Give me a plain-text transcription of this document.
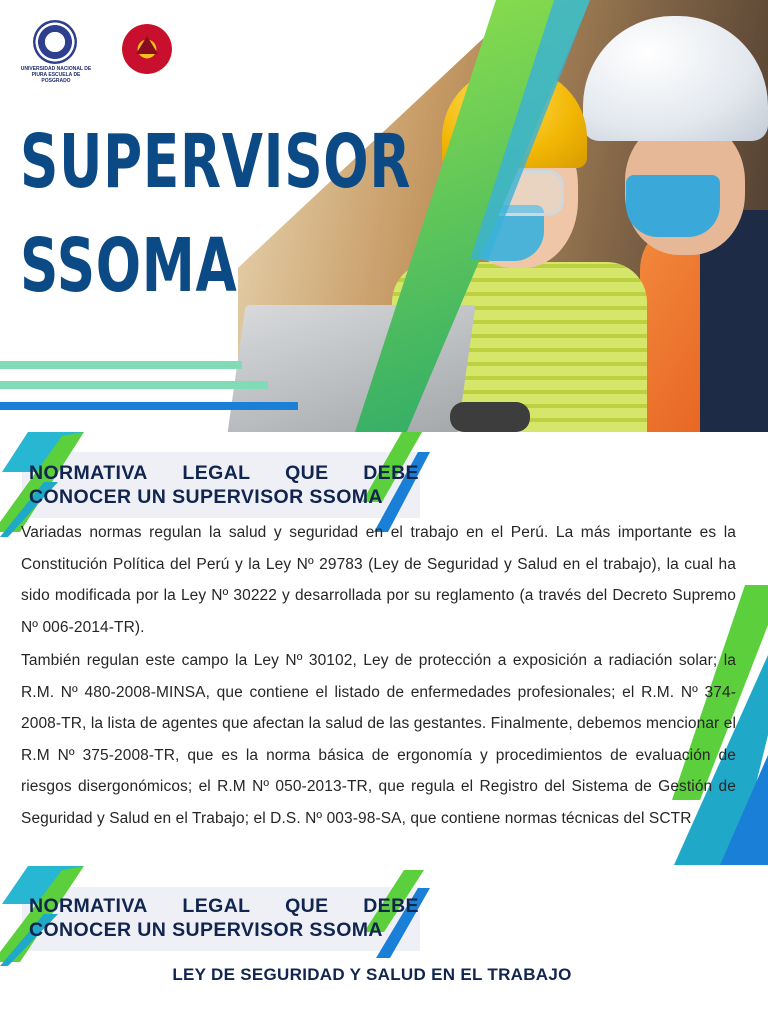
UNIVERSIDAD NACIONAL DE PIURA ESCUELA DE POSGRADO
SUPERVISOR
SSOMA
NORMATIVA LEGAL QUE DEBE
CONOCER UN SUPERVISOR SSOMA

Variadas normas regulan la salud y seguridad en el trabajo en el Perú. La más importante es la Constitución Política del Perú y la Ley Nº 29783 (Ley de Seguridad y Salud en el trabajo), la cual ha sido modificada por la Ley Nº 30222 y desarrollada por su reglamento (a través del Decreto Supremo Nº 006-2014-TR).

También regulan este campo la Ley Nº 30102, Ley de protección a exposición a radiación solar; la R.M. Nº 480-2008-MINSA, que contiene el listado de enfermedades profesionales; el R.M. Nº 374-2008-TR, la lista de agentes que afectan la salud de las gestantes. Finalmente, debemos mencionar el R.M Nº 375-2008-TR, que es la norma básica de ergonomía y procedimientos de evaluación de riesgos disergonómicos; el R.M Nº 050-2013-TR, que regula el Registro del Sistema de Gestión de Seguridad y Salud en el Trabajo; el D.S. Nº 003-98-SA, que contiene normas técnicas del SCTR

NORMATIVA LEGAL QUE DEBE
CONOCER UN SUPERVISOR SSOMA

LEY DE SEGURIDAD Y SALUD EN EL TRABAJO
